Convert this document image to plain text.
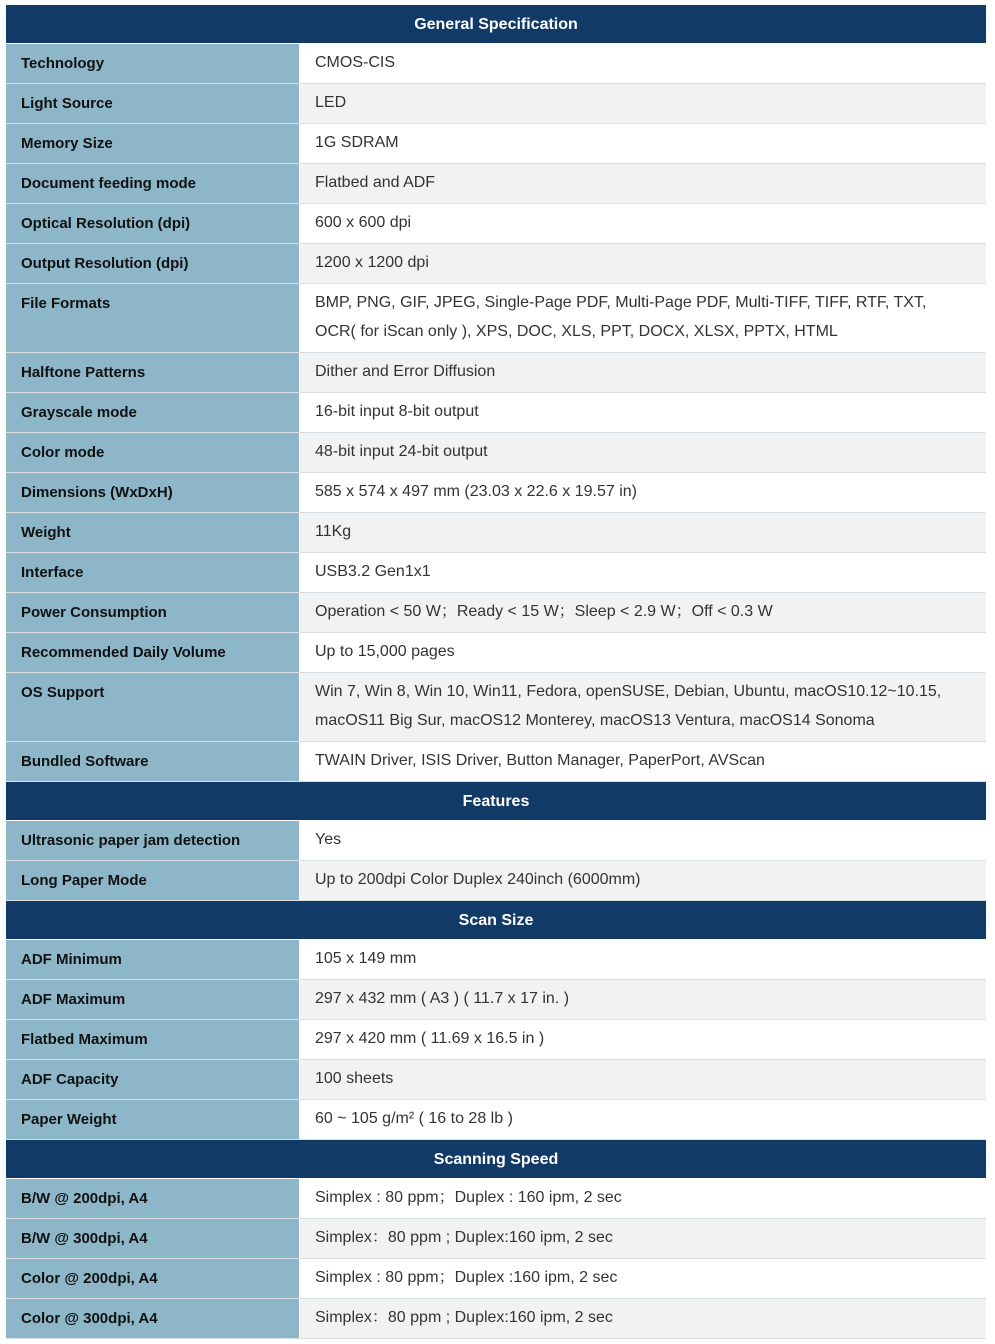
General Specification
Technology	CMOS-CIS
Light Source	LED
Memory Size	1G SDRAM
Document feeding mode	Flatbed and ADF
Optical Resolution (dpi)	600 x 600 dpi
Output Resolution (dpi)	1200 x 1200 dpi
File Formats	BMP, PNG, GIF, JPEG, Single-Page PDF, Multi-Page PDF, Multi-TIFF, TIFF, RTF, TXT, OCR( for iScan only ), XPS, DOC, XLS, PPT, DOCX, XLSX, PPTX, HTML
Halftone Patterns	Dither and Error Diffusion
Grayscale mode	16-bit input 8-bit output
Color mode	48-bit input 24-bit output
Dimensions (WxDxH)	585 x 574 x 497 mm (23.03 x 22.6 x 19.57 in)
Weight	11Kg
Interface	USB3.2 Gen1x1
Power Consumption	Operation < 50 W；Ready < 15 W；Sleep < 2.9 W；Off < 0.3 W
Recommended Daily Volume	Up to 15,000 pages
OS Support	Win 7, Win 8, Win 10, Win11, Fedora, openSUSE, Debian, Ubuntu, macOS10.12~10.15, macOS11 Big Sur, macOS12 Monterey, macOS13 Ventura, macOS14 Sonoma
Bundled Software	TWAIN Driver, ISIS Driver, Button Manager, PaperPort, AVScan
Features
Ultrasonic paper jam detection	Yes
Long Paper Mode	Up to 200dpi Color Duplex 240inch (6000mm)
Scan Size
ADF Minimum	105 x 149 mm
ADF Maximum	297 x 432 mm ( A3 ) ( 11.7 x 17 in. )
Flatbed Maximum	297 x 420 mm ( 11.69 x 16.5 in )
ADF Capacity	100 sheets
Paper Weight	60 ~ 105 g/m² ( 16 to 28 lb )
Scanning Speed
B/W @ 200dpi, A4	Simplex : 80 ppm；Duplex : 160 ipm, 2 sec
B/W @ 300dpi, A4	Simplex：80 ppm ; Duplex:160 ipm, 2 sec
Color @ 200dpi, A4	Simplex : 80 ppm；Duplex :160 ipm, 2 sec
Color @ 300dpi, A4	Simplex：80 ppm ; Duplex:160 ipm, 2 sec
